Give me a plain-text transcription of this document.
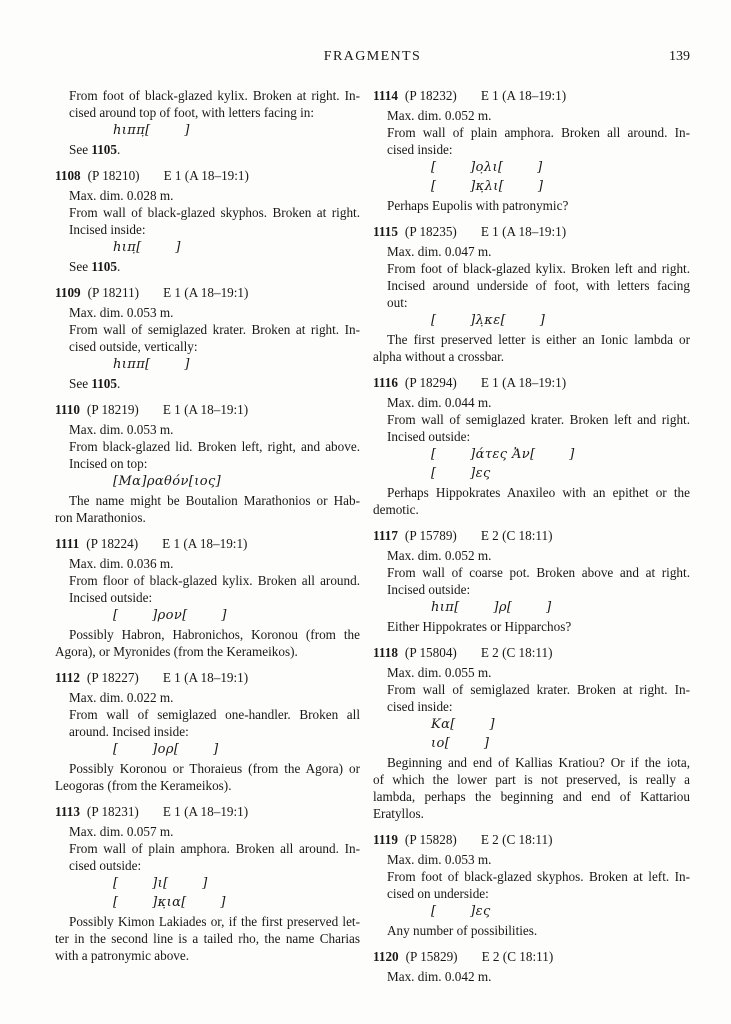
FRAGMENTS	139
From foot of black-glazed kylix. Broken at right. In-
cised around top of foot, with letters facing in:
hιππ̣[   ]
See 1105.
1108 (P 18210) E 1 (A 18–19:1)
Max. dim. 0.028 m.
From wall of black-glazed skyphos. Broken at right.
Incised inside:
hιπ̣[   ]
See 1105.
1109 (P 18211) E 1 (A 18–19:1)
Max. dim. 0.053 m.
From wall of semiglazed krater. Broken at right. In-
cised outside, vertically:
hιππ[   ]
See 1105.
1110 (P 18219) E 1 (A 18–19:1)
Max. dim. 0.053 m.
From black-glazed lid. Broken left, right, and above.
Incised on top:
[Μα]ραθόν[ιος]
The name might be Boutalion Marathonios or Hab-
ron Marathonios.
1111 (P 18224) E 1 (A 18–19:1)
Max. dim. 0.036 m.
From floor of black-glazed kylix. Broken all around.
Incised outside:
[   ]ρον[   ]
Possibly Habron, Habronichos, Koronou (from the
Agora), or Myronides (from the Kerameikos).
1112 (P 18227) E 1 (A 18–19:1)
Max. dim. 0.022 m.
From wall of semiglazed one-handler. Broken all
around. Incised inside:
[   ]ορ[   ]
Possibly Koronou or Thoraieus (from the Agora) or
Leogoras (from the Kerameikos).
1113 (P 18231) E 1 (A 18–19:1)
Max. dim. 0.057 m.
From wall of plain amphora. Broken all around. In-
cised outside:
[   ]ι[   ]
[   ]κ̣ια[   ]
Possibly Kimon Lakiades or, if the first preserved let-
ter in the second line is a tailed rho, the name Charias
with a patronymic above.
1114 (P 18232) E 1 (A 18–19:1)
Max. dim. 0.052 m.
From wall of plain amphora. Broken all around. In-
cised inside:
[   ]ο̣λι[   ]
[   ]κ̣λι[   ]
Perhaps Eupolis with patronymic?
1115 (P 18235) E 1 (A 18–19:1)
Max. dim. 0.047 m.
From foot of black-glazed kylix. Broken left and right.
Incised around underside of foot, with letters facing
out:
[   ]λ̣κε[   ]
The first preserved letter is either an Ionic lambda or
alpha without a crossbar.
1116 (P 18294) E 1 (A 18–19:1)
Max. dim. 0.044 m.
From wall of semiglazed krater. Broken left and right.
Incised outside:
[   ]άτες Ἀν[   ]
[   ]ες
Perhaps Hippokrates Anaxileo with an epithet or the
demotic.
1117 (P 15789) E 2 (C 18:11)
Max. dim. 0.052 m.
From wall of coarse pot. Broken above and at right.
Incised outside:
hιπ[   ]ρ[   ]
Either Hippokrates or Hipparchos?
1118 (P 15804) E 2 (C 18:11)
Max. dim. 0.055 m.
From wall of semiglazed krater. Broken at right. In-
cised inside:
Κα[   ]
ιο[   ]
Beginning and end of Kallias Kratiou? Or if the iota,
of which the lower part is not preserved, is really a
lambda, perhaps the beginning and end of Kattariou
Eratyllos.
1119 (P 15828) E 2 (C 18:11)
Max. dim. 0.053 m.
From foot of black-glazed skyphos. Broken at left. In-
cised on underside:
[   ]ες
Any number of possibilities.
1120 (P 15829) E 2 (C 18:11)
Max. dim. 0.042 m.
